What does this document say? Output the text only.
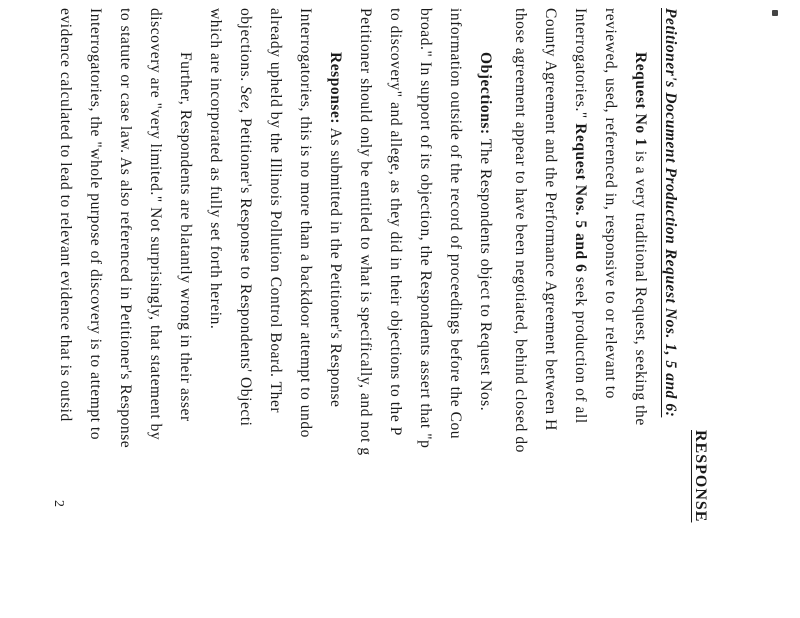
RESPONSE
Petitioner's Document Production Request Nos. 1, 5 and 6:
Request No 1 is a very traditional Request, seeking the
reviewed, used, referenced in, responsive to or relevant to
Interrogatories." Request Nos. 5 and 6 seek production of all
County Agreement and the Performance Agreement between H
those agreement appear to have been negotiated, behind closed do
Objections: The Respondents object to Request Nos.
information outside of the record of proceedings before the Cou
broad." In support of its objection, the Respondents assert that "p
to discovery" and allege, as they did in their objections to the P
Petitioner should only be entitled to what is specifically, and not g
Response: As submitted in the Petitioner's Response
Interrogatories, this is no more than a backdoor attempt to undo
already upheld by the Illinois Pollution Control Board. Ther
objections. See, Petitioner's Response to Respondents' Objecti
which are incorporated as fully set forth herein.
Further, Respondents are blatantly wrong in their asser
discovery are "very limited." Not surprisingly, that statement by
to statute or case law. As also referenced in Petitioner's Response
Interrogatories, the "whole purpose of discovery is to attempt to
evidence calculated to lead to relevant evidence that is outsid
2
